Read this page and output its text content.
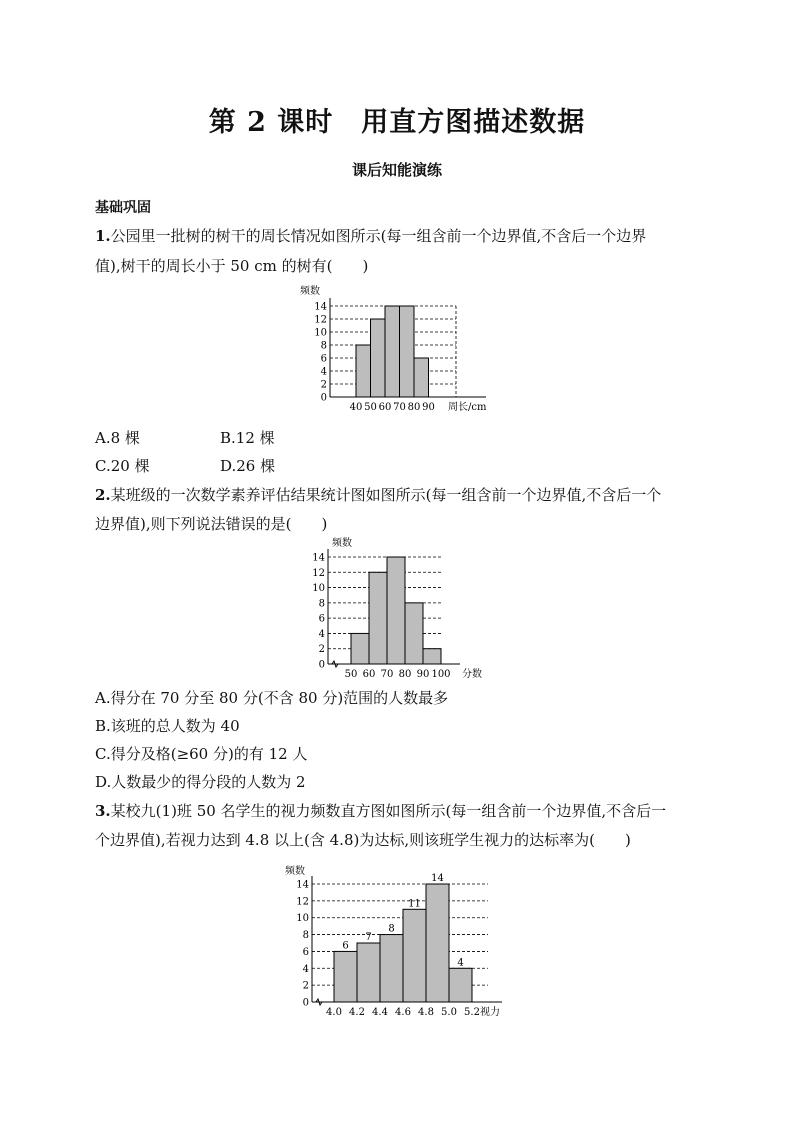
第 2 课时　用直方图描述数据
课后知能演练
基础巩固
1.公园里一批树的树干的周长情况如图所示(每一组含前一个边界值,不含后一个边界
值),树干的周长小于 50 cm 的树有(　　)
0
2
4
6
8
10
12
14
40 50 60 70 80 90
频数
周长/cm
A.8 棵	B.12 棵
C.20 棵	D.26 棵
2.某班级的一次数学素养评估结果统计图如图所示(每一组含前一个边界值,不含后一个
边界值),则下列说法错误的是(　　)
0
2
4
6
8
10
12
14
50 60 70 80 90 100
频数
分数
A.得分在 70 分至 80 分(不含 80 分)范围的人数最多
B.该班的总人数为 40
C.得分及格(≥60 分)的有 12 人
D.人数最少的得分段的人数为 2
3.某校九(1)班 50 名学生的视力频数直方图如图所示(每一组含前一个边界值,不含后一
个边界值),若视力达到 4.8 以上(含 4.8)为达标,则该班学生视力的达标率为(　　)
6
7
8
11
14
4
0
2
4
6
8
10
12
14
4.0 4.2 4.4 4.6 4.8 5.0 5.2
频数
视力
